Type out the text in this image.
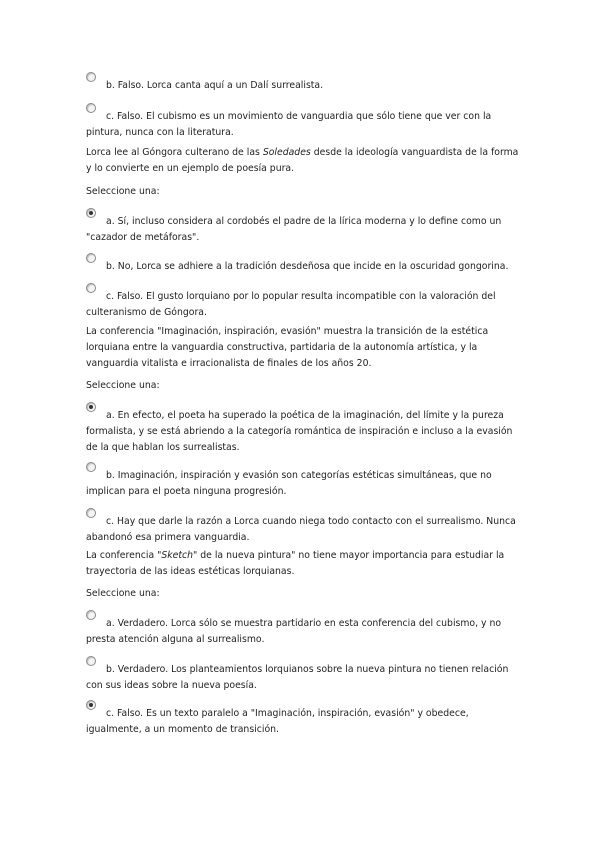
b. Falso. Lorca canta aquí a un Dalí surrealista.
c. Falso. El cubismo es un movimiento de vanguardia que sólo tiene que ver con la pintura, nunca con la literatura.
Lorca lee al Góngora culterano de las Soledades desde la ideología vanguardista de la forma y lo convierte en un ejemplo de poesía pura.
Seleccione una:
a. Sí, incluso considera al cordobés el padre de la lírica moderna y lo define como un "cazador de metáforas".
b. No, Lorca se adhiere a la tradición desdeñosa que incide en la oscuridad gongorina.
c. Falso. El gusto lorquiano por lo popular resulta incompatible con la valoración del culteranismo de Góngora.
La conferencia "Imaginación, inspiración, evasión" muestra la transición de la estética lorquiana entre la vanguardia constructiva, partidaria de la autonomía artística, y la vanguardia vitalista e irracionalista de finales de los años 20.
Seleccione una:
a. En efecto, el poeta ha superado la poética de la imaginación, del límite y la pureza formalista, y se está abriendo a la categoría romántica de inspiración e incluso a la evasión de la que hablan los surrealistas.
b. Imaginación, inspiración y evasión son categorías estéticas simultáneas, que no implican para el poeta ninguna progresión.
c. Hay que darle la razón a Lorca cuando niega todo contacto con el surrealismo. Nunca abandonó esa primera vanguardia.
La conferencia "Sketch" de la nueva pintura" no tiene mayor importancia para estudiar la trayectoria de las ideas estéticas lorquianas.
Seleccione una:
a. Verdadero. Lorca sólo se muestra partidario en esta conferencia del cubismo, y no presta atención alguna al surrealismo.
b. Verdadero. Los planteamientos lorquianos sobre la nueva pintura no tienen relación con sus ideas sobre la nueva poesía.
c. Falso. Es un texto paralelo a "Imaginación, inspiración, evasión" y obedece, igualmente, a un momento de transición.
